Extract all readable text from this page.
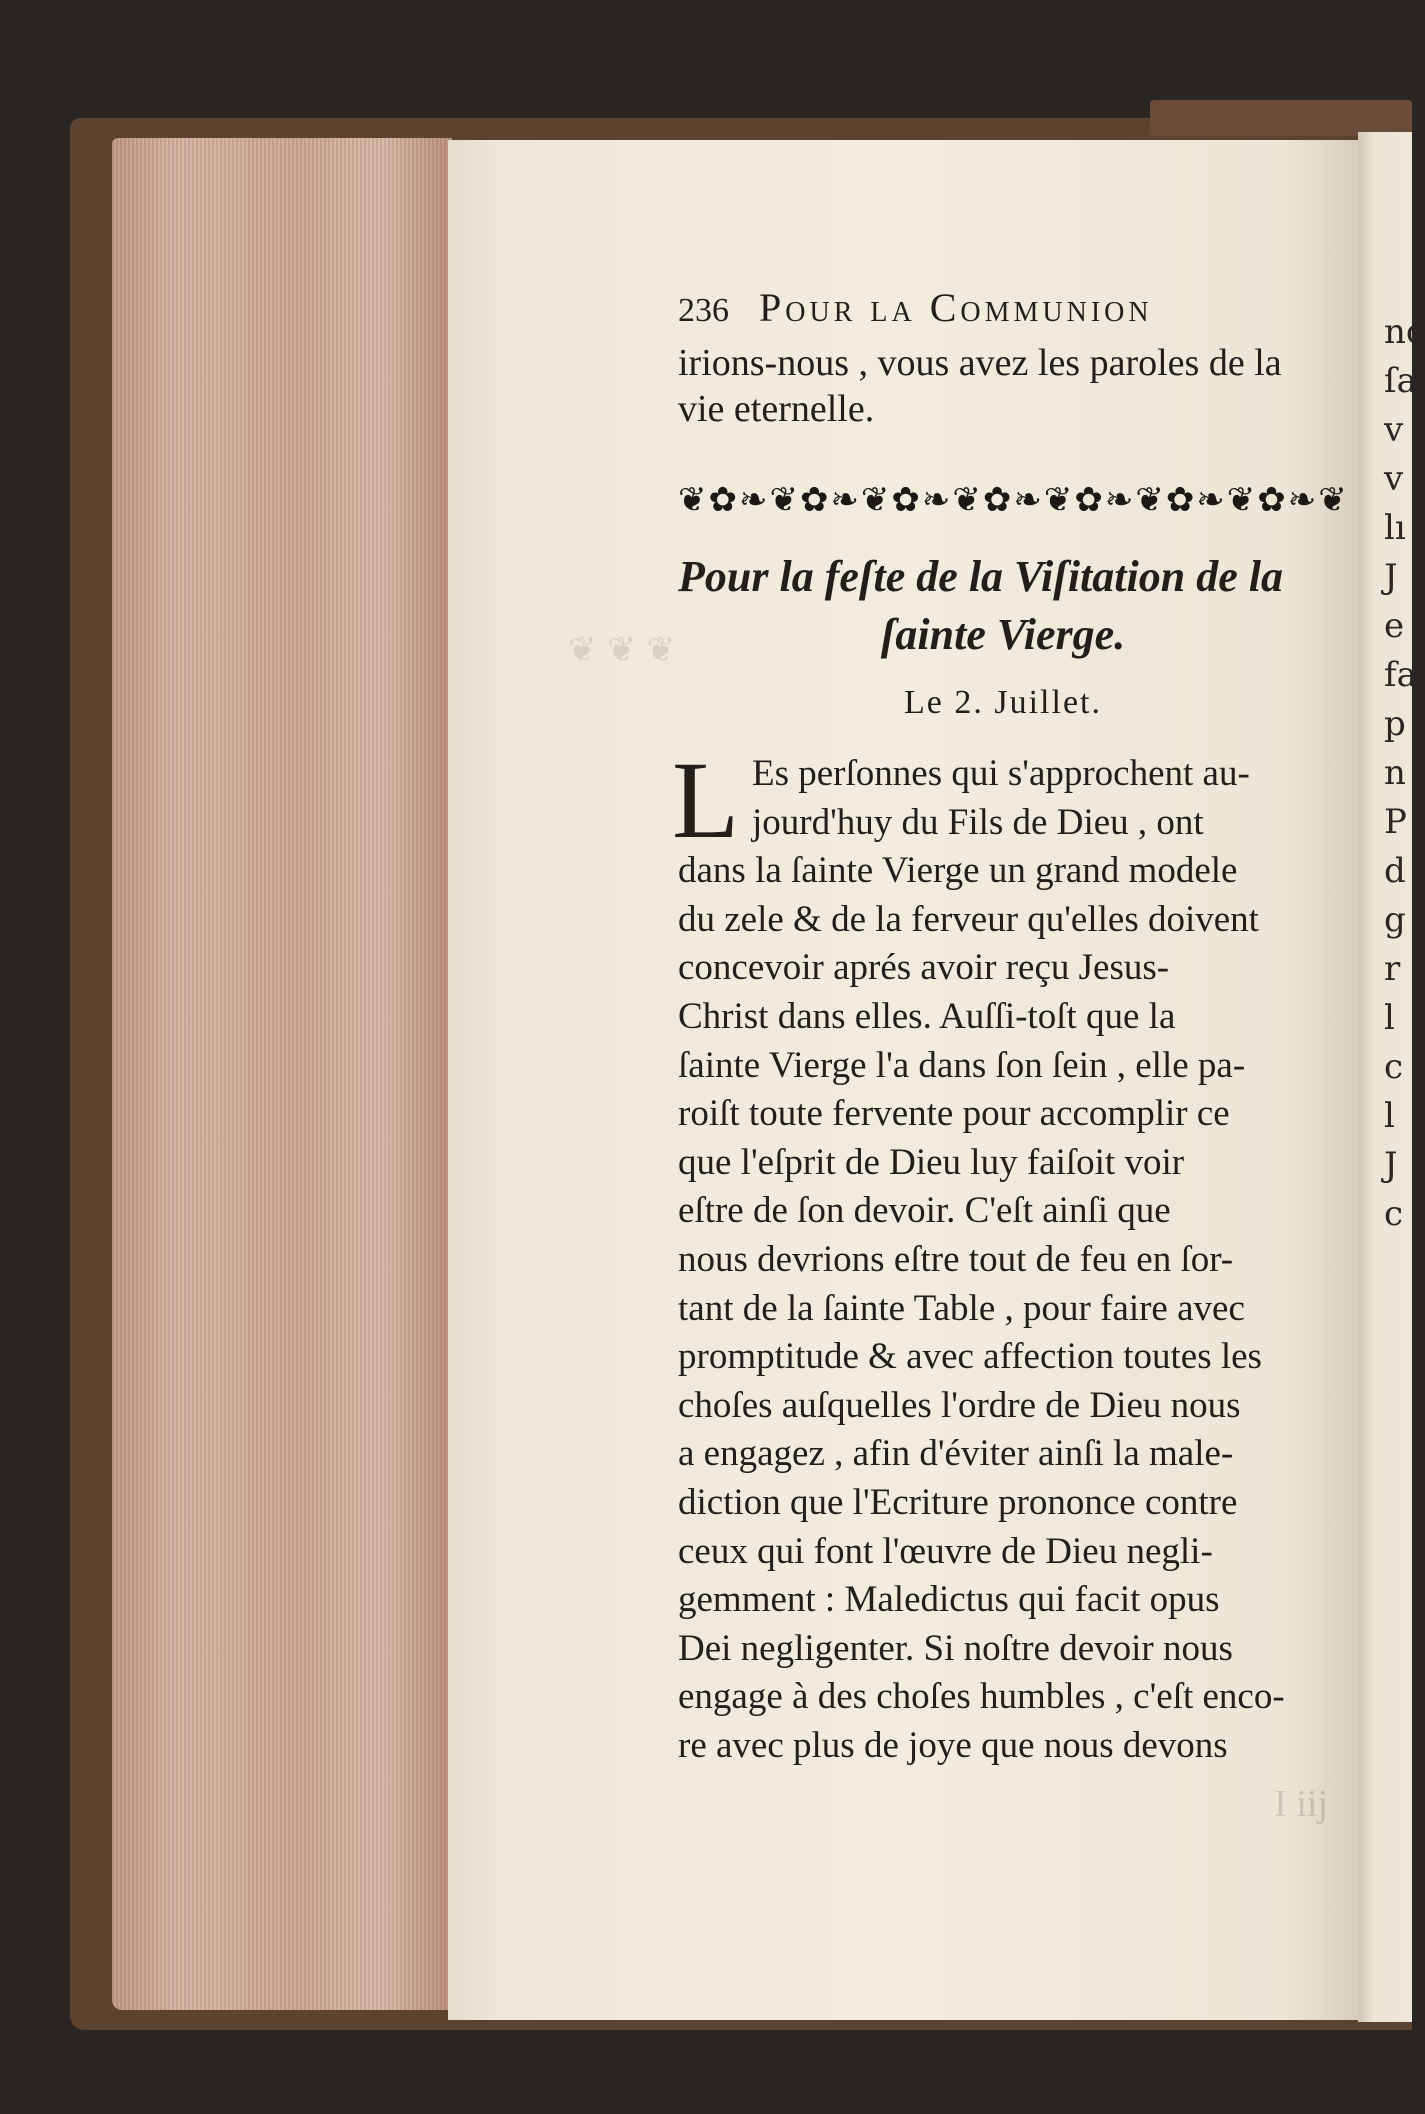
❦ ❦ ❦
nc
ſa
v
v
lı
J
e
fa
p
n
P
d
g
r
l
c
l
J
c
236 Pour la Communion
irions-nous , vous avez les paroles de la
vie eternelle.
❦✿❧❦✿❧❦✿❧❦✿❧❦✿❧❦✿❧❦✿❧❦
Pour la feſte de la Viſitation de la
ſainte Vierge.
Le 2. Juillet.
L Es perſonnes qui s'approchent au-
jourd'huy du Fils de Dieu , ont
dans la ſainte Vierge un grand modele
du zele & de la ferveur qu'elles doivent
concevoir aprés avoir reçu Jesus-
Christ dans elles. Auſſi-toſt que la
ſainte Vierge l'a dans ſon ſein , elle pa-
roiſt toute fervente pour accomplir ce
que l'eſprit de Dieu luy faiſoit voir
eſtre de ſon devoir. C'eſt ainſi que
nous devrions eſtre tout de feu en ſor-
tant de la ſainte Table , pour faire avec
promptitude & avec affection toutes les
choſes auſquelles l'ordre de Dieu nous
a engagez , afin d'éviter ainſi la male-
diction que l'Ecriture prononce contre
ceux qui font l'œuvre de Dieu negli-
gemment : Maledictus qui facit opus
Dei negligenter. Si noſtre devoir nous
engage à des choſes humbles , c'eſt enco-
re avec plus de joye que nous devons
I iij
